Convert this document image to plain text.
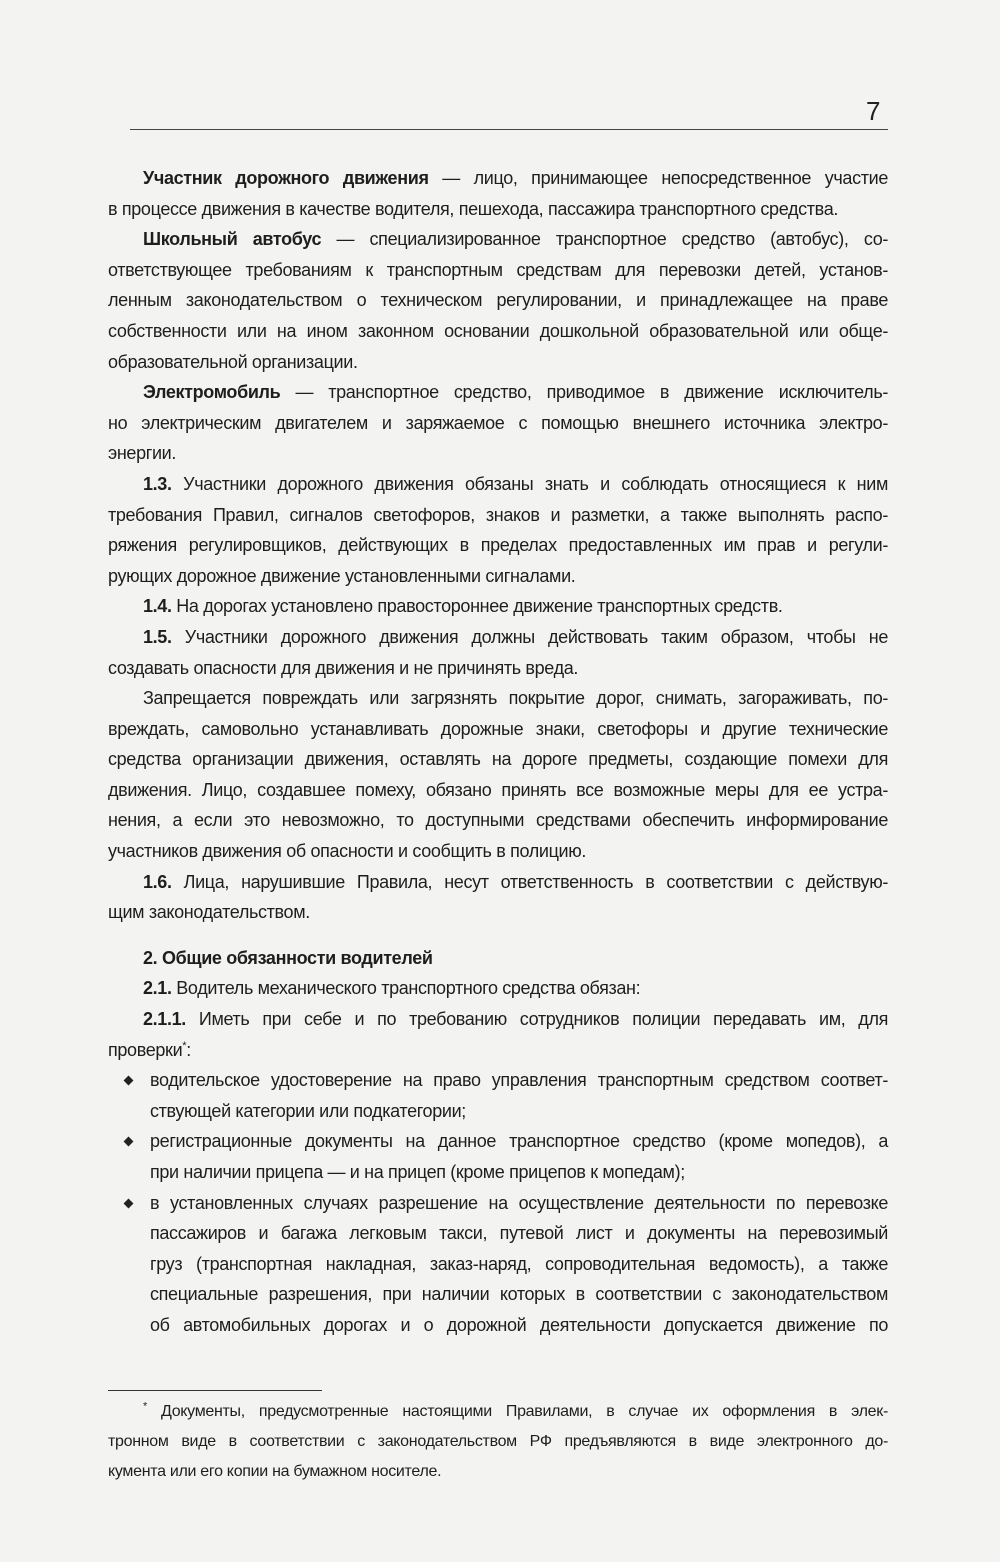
7
Участник дорожного движения — лицо, принимающее непосредственное участие
в процессе движения в качестве водителя, пешехода, пассажира транспортного средства.
Школьный автобус — специализированное транспортное средство (автобус), со-
ответствующее требованиям к транспортным средствам для перевозки детей, установ-
ленным законодательством о техническом регулировании, и принадлежащее на праве
собственности или на ином законном основании дошкольной образовательной или обще-
образовательной организации.
Электромобиль — транспортное средство, приводимое в движение исключитель-
но электрическим двигателем и заряжаемое с помощью внешнего источника электро-
энергии.
1.3. Участники дорожного движения обязаны знать и соблюдать относящиеся к ним
требования Правил, сигналов светофоров, знаков и разметки, а также выполнять распо-
ряжения регулировщиков, действующих в пределах предоставленных им прав и регули-
рующих дорожное движение установленными сигналами.
1.4. На дорогах установлено правостороннее движение транспортных средств.
1.5. Участники дорожного движения должны действовать таким образом, чтобы не
создавать опасности для движения и не причинять вреда.
Запрещается повреждать или загрязнять покрытие дорог, снимать, загораживать, по-
вреждать, самовольно устанавливать дорожные знаки, светофоры и другие технические
средства организации движения, оставлять на дороге предметы, создающие помехи для
движения. Лицо, создавшее помеху, обязано принять все возможные меры для ее устра-
нения, а если это невозможно, то доступными средствами обеспечить информирование
участников движения об опасности и сообщить в полицию.
1.6. Лица, нарушившие Правила, несут ответственность в соответствии с действую-
щим законодательством.
2. Общие обязанности водителей
2.1. Водитель механического транспортного средства обязан:
2.1.1. Иметь при себе и по требованию сотрудников полиции передавать им, для
проверки*:
водительское удостоверение на право управления транспортным средством соответ-
ствующей категории или подкатегории;
регистрационные документы на данное транспортное средство (кроме мопедов), а
при наличии прицепа — и на прицеп (кроме прицепов к мопедам);
в установленных случаях разрешение на осуществление деятельности по перевозке
пассажиров и багажа легковым такси, путевой лист и документы на перевозимый
груз (транспортная накладная, заказ-наряд, сопроводительная ведомость), а также
специальные разрешения, при наличии которых в соответствии с законодательством
об автомобильных дорогах и о дорожной деятельности допускается движение по
* Документы, предусмотренные настоящими Правилами, в случае их оформления в элек-
тронном виде в соответствии с законодательством РФ предъявляются в виде электронного до-
кумента или его копии на бумажном носителе.
